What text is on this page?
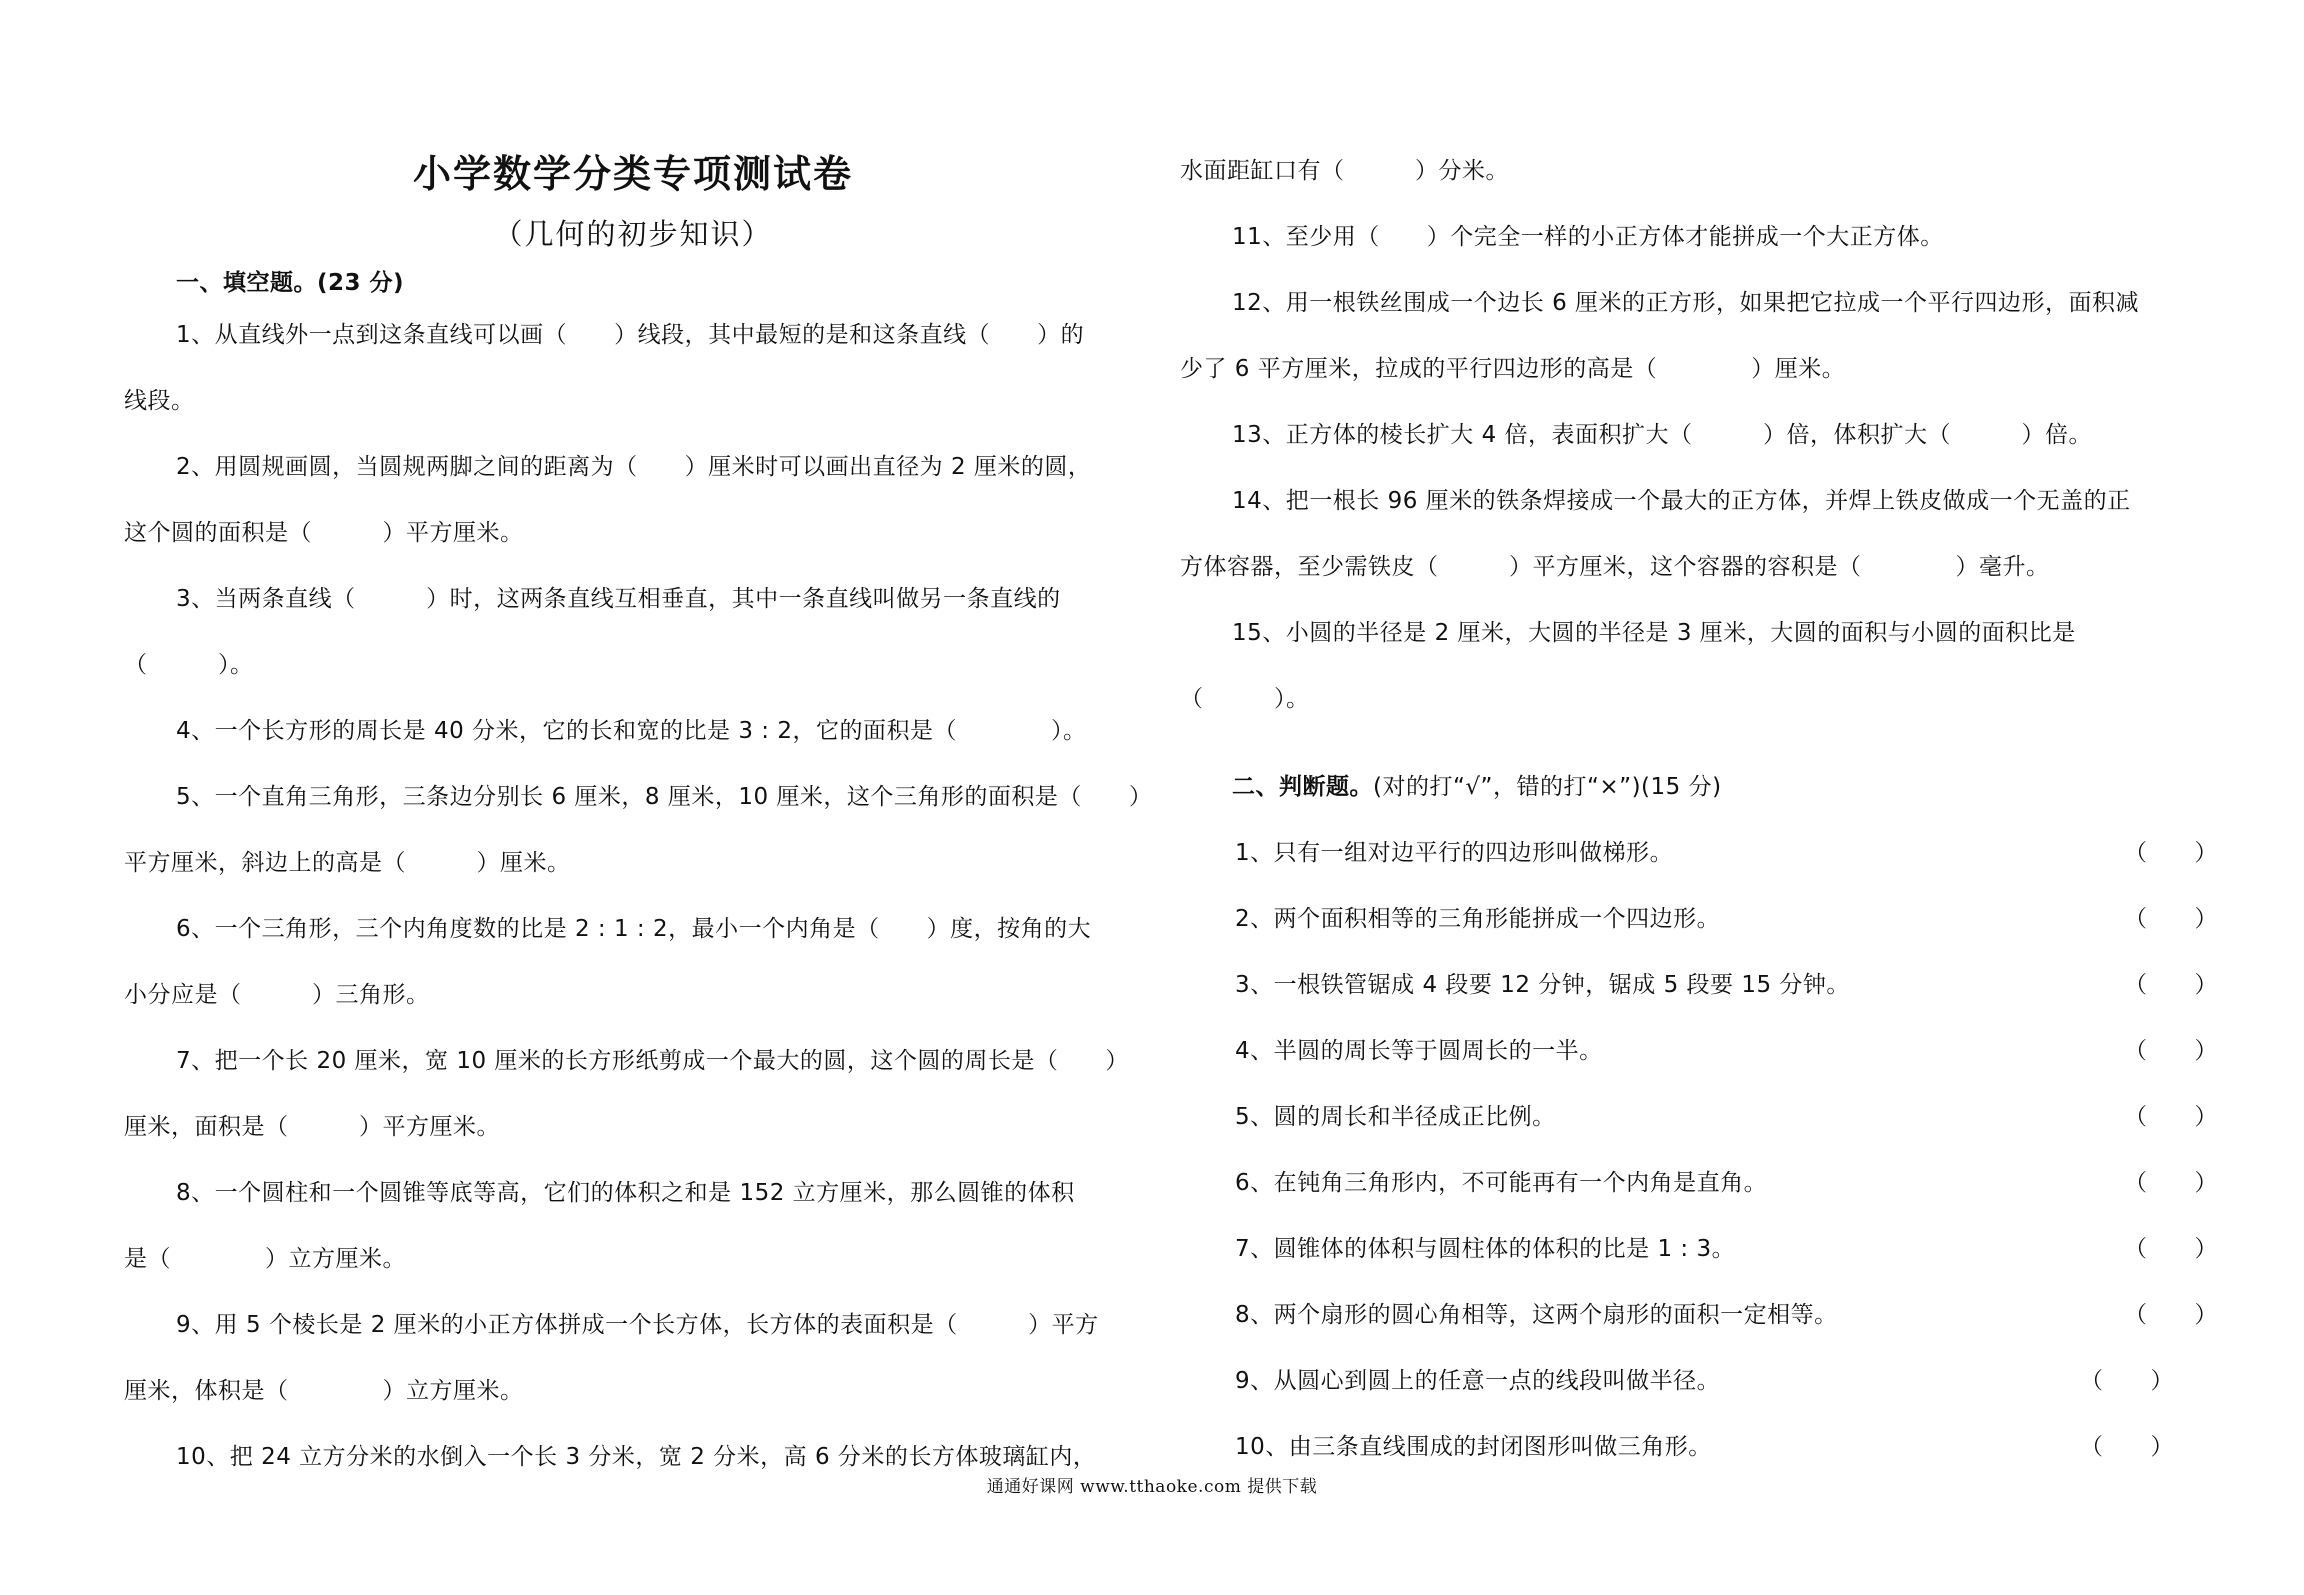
小学数学分类专项测试卷
（几何的初步知识）
一、填空题。(23 分)
1、从直线外一点到这条直线可以画（　　）线段，其中最短的是和这条直线（　　）的
线段。
2、用圆规画圆，当圆规两脚之间的距离为（　　）厘米时可以画出直径为 2 厘米的圆，
这个圆的面积是（　　　）平方厘米。
3、当两条直线（　　　）时，这两条直线互相垂直，其中一条直线叫做另一条直线的
（　　　）。
4、一个长方形的周长是 40 分米，它的长和宽的比是 3 : 2，它的面积是（　　　　）。
5、一个直角三角形，三条边分别长 6 厘米，8 厘米，10 厘米，这个三角形的面积是（　　）
平方厘米，斜边上的高是（　　　）厘米。
6、一个三角形，三个内角度数的比是 2 : 1 : 2，最小一个内角是（　　）度，按角的大
小分应是（　　　）三角形。
7、把一个长 20 厘米，宽 10 厘米的长方形纸剪成一个最大的圆，这个圆的周长是（　　）
厘米，面积是（　　　）平方厘米。
8、一个圆柱和一个圆锥等底等高，它们的体积之和是 152 立方厘米，那么圆锥的体积
是（　　　　）立方厘米。
9、用 5 个棱长是 2 厘米的小正方体拼成一个长方体，长方体的表面积是（　　　）平方
厘米，体积是（　　　　）立方厘米。
10、把 24 立方分米的水倒入一个长 3 分米，宽 2 分米，高 6 分米的长方体玻璃缸内，
水面距缸口有（　　　）分米。
11、至少用（　　）个完全一样的小正方体才能拼成一个大正方体。
12、用一根铁丝围成一个边长 6 厘米的正方形，如果把它拉成一个平行四边形，面积减
少了 6 平方厘米，拉成的平行四边形的高是（　　　　）厘米。
13、正方体的棱长扩大 4 倍，表面积扩大（　　　）倍，体积扩大（　　　）倍。
14、把一根长 96 厘米的铁条焊接成一个最大的正方体，并焊上铁皮做成一个无盖的正
方体容器，至少需铁皮（　　　）平方厘米，这个容器的容积是（　　　　）毫升。
15、小圆的半径是 2 厘米，大圆的半径是 3 厘米，大圆的面积与小圆的面积比是
（　　　）。
二、判断题。(对的打“√”，错的打“×”)(15 分)
1、只有一组对边平行的四边形叫做梯形。	（　　）
2、两个面积相等的三角形能拼成一个四边形。	（　　）
3、一根铁管锯成 4 段要 12 分钟，锯成 5 段要 15 分钟。	（　　）
4、半圆的周长等于圆周长的一半。	（　　）
5、圆的周长和半径成正比例。	（　　）
6、在钝角三角形内，不可能再有一个内角是直角。	（　　）
7、圆锥体的体积与圆柱体的体积的比是 1 : 3。	（　　）
8、两个扇形的圆心角相等，这两个扇形的面积一定相等。	（　　）
9、从圆心到圆上的任意一点的线段叫做半径。	（　　）
10、由三条直线围成的封闭图形叫做三角形。	（　　）
通通好课网 www.tthaoke.com 提供下载
